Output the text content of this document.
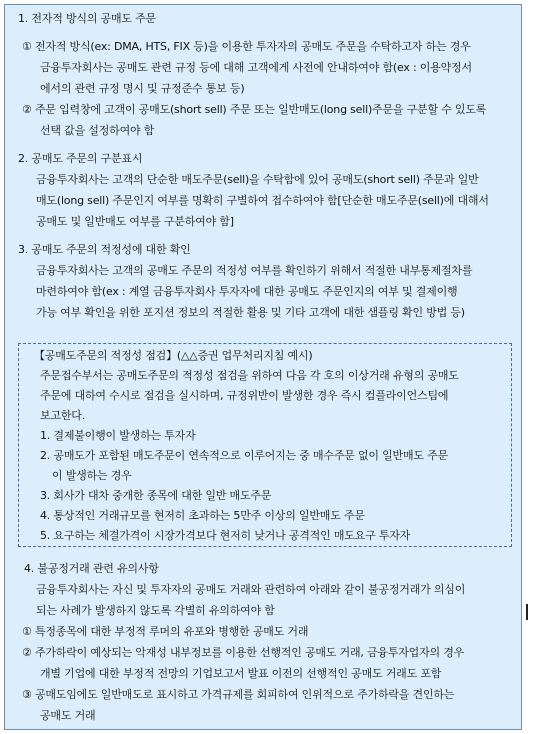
1. 전자적 방식의 공매도 주문
① 전자적 방식(ex: DMA, HTS, FIX 등)을 이용한 투자자의 공매도 주문을 수탁하고자 하는 경우
금융투자회사는 공매도 관련 규정 등에 대해 고객에게 사전에 안내하여야 함(ex : 이용약정서
에서의 관련 규정 명시 및 규정준수 통보 등)
② 주문 입력창에 고객이 공매도(short sell) 주문 또는 일반매도(long sell)주문을 구분할 수 있도록
선택 값을 설정하여야 함
2. 공매도 주문의 구분표시
금융투자회사는 고객의 단순한 매도주문(sell)을 수탁함에 있어 공매도(short sell) 주문과 일반
매도(long sell) 주문인지 여부를 명확히 구별하여 접수하여야 함[단순한 매도주문(sell)에 대해서
공매도 및 일반매도 여부를 구분하여야 함]
3. 공매도 주문의 적정성에 대한 확인
금융투자회사는 고객의 공매도 주문의 적정성 여부를 확인하기 위해서 적절한 내부통제절차를
마련하여야 함(ex : 계열 금융투자회사 투자자에 대한 공매도 주문인지의 여부 및 결제이행
가능 여부 확인을 위한 포지션 정보의 적절한 활용 및 기타 고객에 대한 샘플링 확인 방법 등)
【공매도주문의 적정성 점검】(△△증권 업무처리지침 예시)
주문접수부서는 공매도주문의 적정성 점검을 위하여 다음 각 호의 이상거래 유형의 공매도
주문에 대하여 수시로 점검을 실시하며, 규정위반이 발생한 경우 즉시 컴플라이언스팀에
보고한다.
1. 결제불이행이 발생하는 투자자
2. 공매도가 포함된 매도주문이 연속적으로 이루어지는 중 매수주문 없이 일반매도 주문
이 발생하는 경우
3. 회사가 대차 중개한 종목에 대한 일반 매도주문
4. 통상적인 거래규모를 현저히 초과하는 5만주 이상의 일반매도 주문
5. 요구하는 체결가격이 시장가격보다 현저히 낮거나 공격적인 매도요구 투자자
4. 불공정거래 관련 유의사항
금융투자회사는 자신 및 투자자의 공매도 거래와 관련하여 아래와 같이 불공정거래가 의심이
되는 사례가 발생하지 않도록 각별히 유의하여야 함
① 특정종목에 대한 부정적 루머의 유포와 병행한 공매도 거래
② 주가하락이 예상되는 악재성 내부정보를 이용한 선행적인 공매도 거래, 금융투자업자의 경우
개별 기업에 대한 부정적 전망의 기업보고서 발표 이전의 선행적인 공매도 거래도 포함
③ 공매도임에도 일반매도로 표시하고 가격규제를 회피하여 인위적으로 주가하락을 견인하는
공매도 거래
